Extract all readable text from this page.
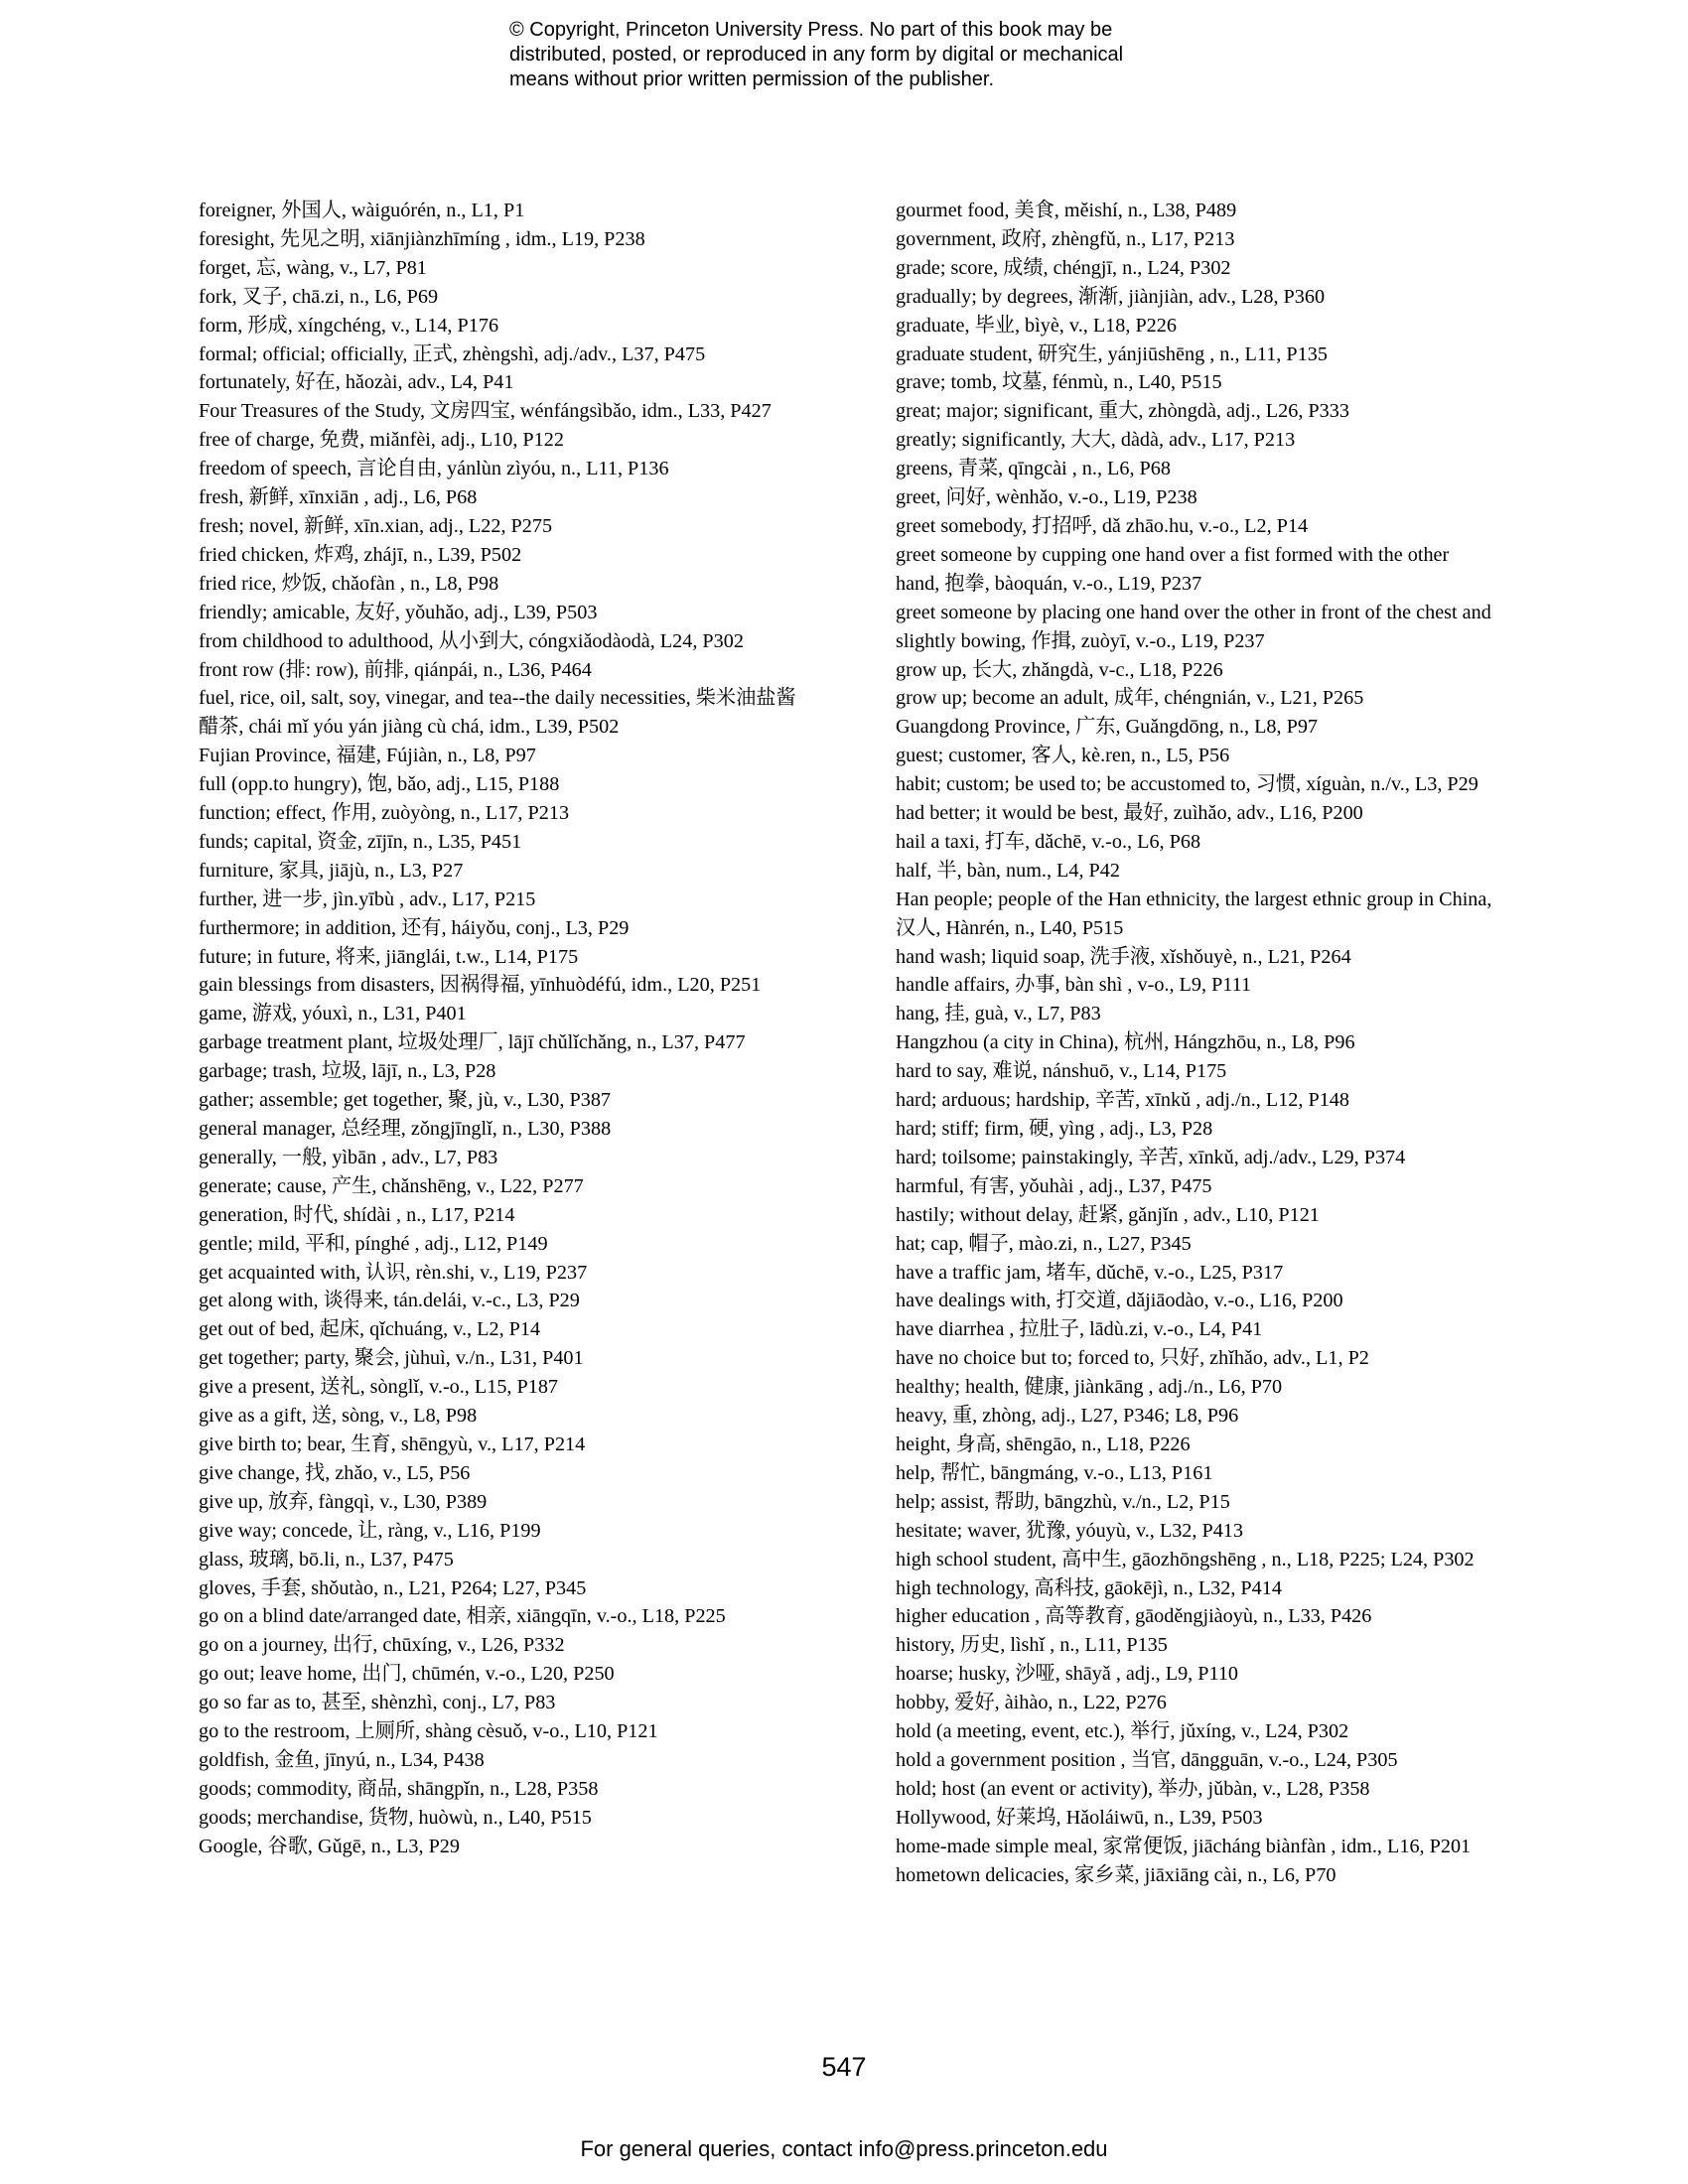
© Copyright, Princeton University Press. No part of this book may be
distributed, posted, or reproduced in any form by digital or mechanical
means without prior written permission of the publisher.
foreigner, 外国人, wàiguórén, n., L1, P1
foresight, 先见之明, xiānjiànzhīmíng , idm., L19, P238
forget, 忘, wàng, v., L7, P81
fork, 叉子, chā.zi, n., L6, P69
form, 形成, xíngchéng, v., L14, P176
formal; official; officially, 正式, zhèngshì, adj./adv., L37, P475
fortunately, 好在, hǎozài, adv., L4, P41
Four Treasures of the Study, 文房四宝, wénfángsìbǎo, idm., L33, P427
free of charge, 免费, miǎnfèi, adj., L10, P122
freedom of speech, 言论自由, yánlùn zìyóu, n., L11, P136
fresh, 新鲜, xīnxiān , adj., L6, P68
fresh; novel, 新鲜, xīn.xian, adj., L22, P275
fried chicken, 炸鸡, zhájī, n., L39, P502
fried rice, 炒饭, chǎofàn , n., L8, P98
friendly; amicable, 友好, yǒuhǎo, adj., L39, P503
from childhood to adulthood, 从小到大, cóngxiǎodàodà, L24, P302
front row (排: row), 前排, qiánpái, n., L36, P464
fuel, rice, oil, salt, soy, vinegar, and tea--the daily necessities, 柴米油盐酱醋茶, chái mǐ yóu yán jiàng cù chá, idm., L39, P502
Fujian Province, 福建, Fújiàn, n., L8, P97
full (opp.to hungry), 饱, bǎo, adj., L15, P188
function; effect, 作用, zuòyòng, n., L17, P213
funds; capital, 资金, zījīn, n., L35, P451
furniture, 家具, jiājù, n., L3, P27
further, 进一步, jìn.yībù , adv., L17, P215
furthermore; in addition, 还有, háiyǒu, conj., L3, P29
future; in future, 将来, jiānglái, t.w., L14, P175
gain blessings from disasters, 因祸得福, yīnhuòdéfú, idm., L20, P251
game, 游戏, yóuxì, n., L31, P401
garbage treatment plant, 垃圾处理厂, lājī chǔlǐchǎng, n., L37, P477
garbage; trash, 垃圾, lājī, n., L3, P28
gather; assemble; get together, 聚, jù, v., L30, P387
general manager, 总经理, zǒngjīnglǐ, n., L30, P388
generally, 一般, yìbān , adv., L7, P83
generate; cause, 产生, chǎnshēng, v., L22, P277
generation, 时代, shídài , n., L17, P214
gentle; mild, 平和, pínghé , adj., L12, P149
get acquainted with, 认识, rèn.shi, v., L19, P237
get along with, 谈得来, tán.delái, v.-c., L3, P29
get out of bed, 起床, qǐchuáng, v., L2, P14
get together; party, 聚会, jùhuì, v./n., L31, P401
give a present, 送礼, sònglǐ, v.-o., L15, P187
give as a gift, 送, sòng, v., L8, P98
give birth to; bear, 生育, shēngyù, v., L17, P214
give change, 找, zhǎo, v., L5, P56
give up, 放弃, fàngqì, v., L30, P389
give way; concede, 让, ràng, v., L16, P199
glass, 玻璃, bō.li, n., L37, P475
gloves, 手套, shǒutào, n., L21, P264; L27, P345
go on a blind date/arranged date, 相亲, xiāngqīn, v.-o., L18, P225
go on a journey, 出行, chūxíng, v., L26, P332
go out; leave home, 出门, chūmén, v.-o., L20, P250
go so far as to, 甚至, shènzhì, conj., L7, P83
go to the restroom, 上厕所, shàng cèsuǒ, v-o., L10, P121
goldfish, 金鱼, jīnyú, n., L34, P438
goods; commodity, 商品, shāngpǐn, n., L28, P358
goods; merchandise, 货物, huòwù, n., L40, P515
Google, 谷歌, Gǔgē, n., L3, P29
gourmet food, 美食, měishí, n., L38, P489
government, 政府, zhèngfǔ, n., L17, P213
grade; score, 成绩, chéngjī, n., L24, P302
gradually; by degrees, 渐渐, jiànjiàn, adv., L28, P360
graduate, 毕业, bìyè, v., L18, P226
graduate student, 研究生, yánjiūshēng , n., L11, P135
grave; tomb, 坟墓, fénmù, n., L40, P515
great; major; significant, 重大, zhòngdà, adj., L26, P333
greatly; significantly, 大大, dàdà, adv., L17, P213
greens, 青菜, qīngcài , n., L6, P68
greet, 问好, wènhǎo, v.-o., L19, P238
greet somebody, 打招呼, dǎ zhāo.hu, v.-o., L2, P14
greet someone by cupping one hand over a fist formed with the other hand, 抱拳, bàoquán, v.-o., L19, P237
greet someone by placing one hand over the other in front of the chest and slightly bowing, 作揖, zuòyī, v.-o., L19, P237
grow up, 长大, zhǎngdà, v-c., L18, P226
grow up; become an adult, 成年, chéngnián, v., L21, P265
Guangdong Province, 广东, Guǎngdōng, n., L8, P97
guest; customer, 客人, kè.ren, n., L5, P56
habit; custom; be used to; be accustomed to, 习惯, xíguàn, n./v., L3, P29
had better; it would be best, 最好, zuìhǎo, adv., L16, P200
hail a taxi, 打车, dǎchē, v.-o., L6, P68
half, 半, bàn, num., L4, P42
Han people; people of the Han ethnicity, the largest ethnic group in China, 汉人, Hànrén, n., L40, P515
hand wash; liquid soap, 洗手液, xǐshǒuyè, n., L21, P264
handle affairs, 办事, bàn shì , v-o., L9, P111
hang, 挂, guà, v., L7, P83
Hangzhou (a city in China), 杭州, Hángzhōu, n., L8, P96
hard to say, 难说, nánshuō, v., L14, P175
hard; arduous; hardship, 辛苦, xīnkǔ , adj./n., L12, P148
hard; stiff; firm, 硬, yìng , adj., L3, P28
hard; toilsome; painstakingly, 辛苦, xīnkǔ, adj./adv., L29, P374
harmful, 有害, yǒuhài , adj., L37, P475
hastily; without delay, 赶紧, gǎnjǐn , adv., L10, P121
hat; cap, 帽子, mào.zi, n., L27, P345
have a traffic jam, 堵车, dǔchē, v.-o., L25, P317
have dealings with, 打交道, dǎjiāodào, v.-o., L16, P200
have diarrhea , 拉肚子, lādù.zi, v.-o., L4, P41
have no choice but to; forced to, 只好, zhǐhǎo, adv., L1, P2
healthy; health, 健康, jiànkāng , adj./n., L6, P70
heavy, 重, zhòng, adj., L27, P346; L8, P96
height, 身高, shēngāo, n., L18, P226
help, 帮忙, bāngmáng, v.-o., L13, P161
help; assist, 帮助, bāngzhù, v./n., L2, P15
hesitate; waver, 犹豫, yóuyù, v., L32, P413
high school student, 高中生, gāozhōngshēng , n., L18, P225; L24, P302
high technology, 高科技, gāokējì, n., L32, P414
higher education , 高等教育, gāoděngjiàoyù, n., L33, P426
history, 历史, lìshǐ , n., L11, P135
hoarse; husky, 沙哑, shāyǎ , adj., L9, P110
hobby, 爱好, àihào, n., L22, P276
hold (a meeting, event, etc.), 举行, jǔxíng, v., L24, P302
hold a government position , 当官, dāngguān, v.-o., L24, P305
hold; host (an event or activity), 举办, jǔbàn, v., L28, P358
Hollywood, 好莱坞, Hǎoláiwū, n., L39, P503
home-made simple meal, 家常便饭, jiācháng biànfàn , idm., L16, P201
hometown delicacies, 家乡菜, jiāxiāng cài, n., L6, P70
547
For general queries, contact info@press.princeton.edu
